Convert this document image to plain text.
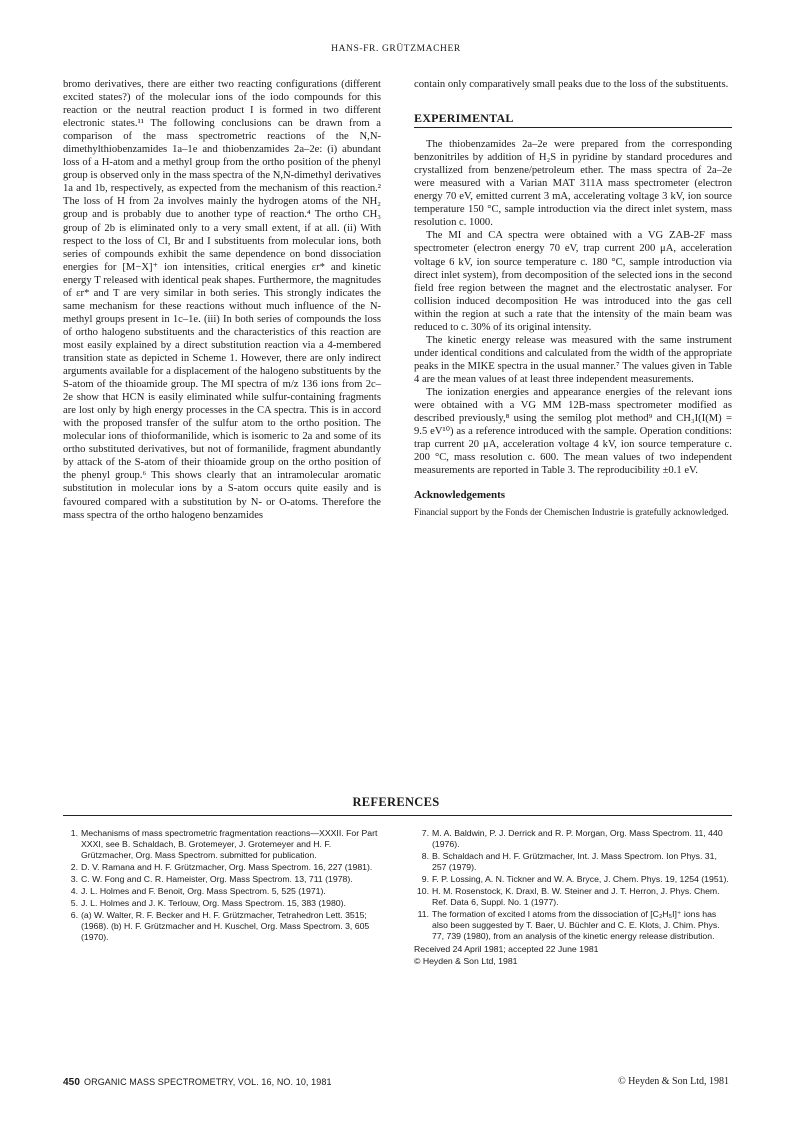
HANS-FR. GRÜTZMACHER

bromo derivatives, there are either two reacting configurations (different excited states?) of the molecular ions of the iodo compounds for this reaction or the neutral reaction product I is formed in two different electronic states.¹¹ The following conclusions can be drawn from a comparison of the mass spectrometric reactions of the N,N-dimethylthiobenzamides 1a–1e and thiobenzamides 2a–2e: (i) abundant loss of a H-atom and a methyl group from the ortho position of the phenyl group is observed only in the mass spectra of the N,N-dimethyl derivatives 1a and 1b, respectively, as expected from the mechanism of this reaction.² The loss of H from 2a involves mainly the hydrogen atoms of the NH₂ group and is probably due to another type of reaction.⁴ The ortho CH₃ group of 2b is eliminated only to a very small extent, if at all. (ii) With respect to the loss of Cl, Br and I substituents from molecular ions, both series of compounds exhibit the same dependence on bond dissociation energies for [M−X]⁺ ion intensities, critical energies εr* and kinetic energy T released with identical peak shapes. Furthermore, the magnitudes of εr* and T are very similar in both series. This strongly indicates the same mechanism for these reactions without much influence of the N-methyl groups present in 1c–1e. (iii) In both series of compounds the loss of ortho halogeno substituents and the characteristics of this reaction are most easily explained by a direct substitution reaction via a 4-membered transition state as depicted in Scheme 1. However, there are only indirect arguments available for a displacement of the halogeno substituents by the S-atom of the thioamide group. The MI spectra of m/z 136 ions from 2c–2e show that HCN is easily eliminated while sulfur-containing fragments are lost only by high energy processes in the CA spectra. This is in accord with the proposed transfer of the sulfur atom to the ortho position. The molecular ions of thioformanilide, which is isomeric to 2a and some of its ortho substituted derivatives, but not of formanilide, fragment abundantly by attack of the S-atom of their thioamide group on the ortho position of the phenyl group.⁶ This shows clearly that an intramolecular aromatic substitution in molecular ions by a S-atom occurs quite easily and is favoured compared with a substitution by N- or O-atoms. Therefore the mass spectra of the ortho halogeno benzamides

contain only comparatively small peaks due to the loss of the substituents.

EXPERIMENTAL

The thiobenzamides 2a–2e were prepared from the corresponding benzonitriles by addition of H₂S in pyridine by standard procedures and crystallized from benzene/petroleum ether. The mass spectra of 2a–2e were measured with a Varian MAT 311A mass spectrometer (electron energy 70 eV, emitted current 3 mA, accelerating voltage 3 kV, ion source temperature 150 °C, sample introduction via the direct inlet system, mass resolution c. 1000.

The MI and CA spectra were obtained with a VG ZAB-2F mass spectrometer (electron energy 70 eV, trap current 200 μA, acceleration voltage 6 kV, ion source temperature c. 180 °C, sample introduction via direct inlet system), from decomposition of the selected ions in the second field free region between the magnet and the electrostatic analyser. For collision induced decomposition He was introduced into the gas cell within the region at such a rate that the intensity of the main beam was reduced to c. 30% of its original intensity.

The kinetic energy release was measured with the same instrument under identical conditions and calculated from the width of the appropriate peaks in the MIKE spectra in the usual manner.⁷ The values given in Table 4 are the mean values of at least three independent measurements.

The ionization energies and appearance energies of the relevant ions were obtained with a VG MM 12B-mass spectrometer modified as described previously,⁸ using the semilog plot method⁹ and CH₃I(I(M) = 9.5 eV¹⁰) as a reference introduced with the sample. Operation conditions: trap current 20 μA, acceleration voltage 4 kV, ion source temperature c. 200 °C, mass resolution c. 600. The mean values of two independent measurements are reported in Table 3. The reproducibility ±0.1 eV.

Acknowledgements

Financial support by the Fonds der Chemischen Industrie is gratefully acknowledged.

REFERENCES
1. Mechanisms of mass spectrometric fragmentation reactions—XXXII. For Part XXXI, see B. Schaldach, B. Grotemeyer, J. Grotemeyer and H. F. Grützmacher, Org. Mass Spectrom. submitted for publication.
2. D. V. Ramana and H. F. Grützmacher, Org. Mass Spectrom. 16, 227 (1981).
3. C. W. Fong and C. R. Hameister, Org. Mass Spectrom. 13, 711 (1978).
4. J. L. Holmes and F. Benoit, Org. Mass Spectrom. 5, 525 (1971).
5. J. L. Holmes and J. K. Terlouw, Org. Mass Spectrom. 15, 383 (1980).
6. (a) W. Walter, R. F. Becker and H. F. Grützmacher, Tetrahedron Lett. 3515; (1968). (b) H. F. Grützmacher and H. Kuschel, Org. Mass Spectrom. 3, 605 (1970).
7. M. A. Baldwin, P. J. Derrick and R. P. Morgan, Org. Mass Spectrom. 11, 440 (1976).
8. B. Schaldach and H. F. Grützmacher, Int. J. Mass Spectrom. Ion Phys. 31, 257 (1979).
9. F. P. Lossing, A. N. Tickner and W. A. Bryce, J. Chem. Phys. 19, 1254 (1951).
10. H. M. Rosenstock, K. Draxl, B. W. Steiner and J. T. Herron, J. Phys. Chem. Ref. Data 6, Suppl. No. 1 (1977).
11. The formation of excited I atoms from the dissociation of [C₂H₅I]⁺ ions has also been suggested by T. Baer, U. Büchler and C. E. Klots, J. Chim. Phys. 77, 739 (1980), from an analysis of the kinetic energy release distribution.
Received 24 April 1981; accepted 22 June 1981
© Heyden & Son Ltd, 1981
450 ORGANIC MASS SPECTROMETRY, VOL. 16, NO. 10, 1981	© Heyden & Son Ltd, 1981
